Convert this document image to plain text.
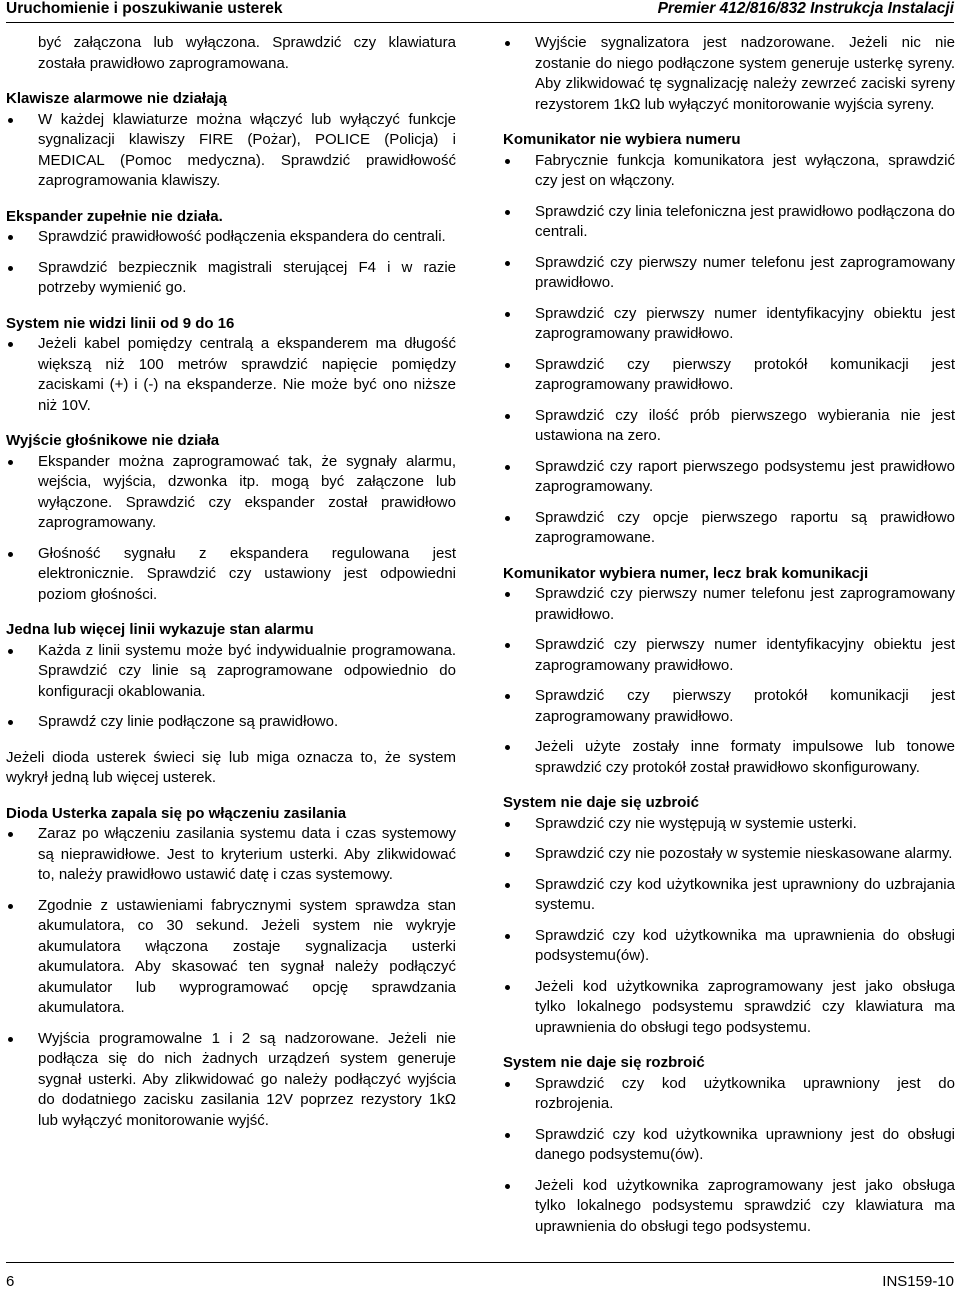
Uruchomienie i poszukiwanie usterek	Premier 412/816/832 Instrukcja Instalacji

być załączona lub wyłączona. Sprawdzić czy klawiatura została prawidłowo zaprogramowana.

Klawisze alarmowe nie działają
W każdej klawiaturze można włączyć lub wyłączyć funkcje sygnalizacji klawiszy FIRE (Pożar), POLICE (Policja) i MEDICAL (Pomoc medyczna). Sprawdzić prawidłowość zaprogramowania klawiszy.
Ekspander zupełnie nie działa.
Sprawdzić prawidłowość podłączenia ekspandera do centrali.
Sprawdzić bezpiecznik magistrali sterującej F4 i w razie potrzeby wymienić go.
System nie widzi linii od 9 do 16
Jeżeli kabel pomiędzy centralą a ekspanderem ma długość większą niż 100 metrów sprawdzić napięcie pomiędzy zaciskami (+) i (-) na ekspanderze. Nie może być ono niższe niż 10V.
Wyjście głośnikowe nie działa
Ekspander można zaprogramować tak, że sygnały alarmu, wejścia, wyjścia, dzwonka itp. mogą być załączone lub wyłączone. Sprawdzić czy ekspander został prawidłowo zaprogramowany.
Głośność sygnału z ekspandera regulowana jest elektronicznie. Sprawdzić czy ustawiony jest odpowiedni poziom głośności.
Jedna lub więcej linii wykazuje stan alarmu
Każda z linii systemu może być indywidualnie programowana. Sprawdzić czy linie są zaprogramowane odpowiednio do konfiguracji okablowania.
Sprawdź czy linie podłączone są prawidłowo.

Jeżeli dioda usterek świeci się lub miga oznacza to, że system wykrył jedną lub więcej usterek.

Dioda Usterka zapala się po włączeniu zasilania
Zaraz po włączeniu zasilania systemu data i czas systemowy są nieprawidłowe. Jest to kryterium usterki. Aby zlikwidować to, należy prawidłowo ustawić datę i czas systemowy.
Zgodnie z ustawieniami fabrycznymi system sprawdza stan akumulatora, co 30 sekund. Jeżeli system nie wykryje akumulatora włączona zostaje sygnalizacja usterki akumulatora. Aby skasować ten sygnał należy podłączyć akumulator lub wyprogramować opcję sprawdzania akumulatora.
Wyjścia programowalne 1 i 2 są nadzorowane. Jeżeli nie podłącza się do nich żadnych urządzeń system generuje sygnał usterki. Aby zlikwidować go należy podłączyć wyjścia do dodatniego zacisku zasilania 12V poprzez rezystory 1kΩ lub wyłączyć monitorowanie wyjść.
Wyjście sygnalizatora jest nadzorowane. Jeżeli nic nie zostanie do niego podłączone system generuje usterkę syreny. Aby zlikwidować tę sygnalizację należy zewrzeć zaciski syreny rezystorem 1kΩ lub wyłączyć monitorowanie wyjścia syreny.
Komunikator nie wybiera numeru
Fabrycznie funkcja komunikatora jest wyłączona, sprawdzić czy jest on włączony.
Sprawdzić czy linia telefoniczna jest prawidłowo podłączona do centrali.
Sprawdzić czy pierwszy numer telefonu jest zaprogramowany prawidłowo.
Sprawdzić czy pierwszy numer identyfikacyjny obiektu jest zaprogramowany prawidłowo.
Sprawdzić czy pierwszy protokół komunikacji jest zaprogramowany prawidłowo.
Sprawdzić czy ilość prób pierwszego wybierania nie jest ustawiona na zero.
Sprawdzić czy raport pierwszego podsystemu jest prawidłowo zaprogramowany.
Sprawdzić czy opcje pierwszego raportu są prawidłowo zaprogramowane.
Komunikator wybiera numer, lecz brak komunikacji
Sprawdzić czy pierwszy numer telefonu jest zaprogramowany prawidłowo.
Sprawdzić czy pierwszy numer identyfikacyjny obiektu jest zaprogramowany prawidłowo.
Sprawdzić czy pierwszy protokół komunikacji jest zaprogramowany prawidłowo.
Jeżeli użyte zostały inne formaty impulsowe lub tonowe sprawdzić czy protokół został prawidłowo skonfigurowany.
System nie daje się uzbroić
Sprawdzić czy nie występują w systemie usterki.
Sprawdzić czy nie pozostały w systemie nieskasowane alarmy.
Sprawdzić czy kod użytkownika jest uprawniony do uzbrajania systemu.
Sprawdzić czy kod użytkownika ma uprawnienia do obsługi podsystemu(ów).
Jeżeli kod użytkownika zaprogramowany jest jako obsługa tylko lokalnego podsystemu sprawdzić czy klawiatura ma uprawnienia do obsługi tego podsystemu.
System nie daje się rozbroić
Sprawdzić czy kod użytkownika uprawniony jest do rozbrojenia.
Sprawdzić czy kod użytkownika uprawniony jest do obsługi danego podsystemu(ów).
Jeżeli kod użytkownika zaprogramowany jest jako obsługa tylko lokalnego podsystemu sprawdzić czy klawiatura ma uprawnienia do obsługi tego podsystemu.
6	INS159-10
